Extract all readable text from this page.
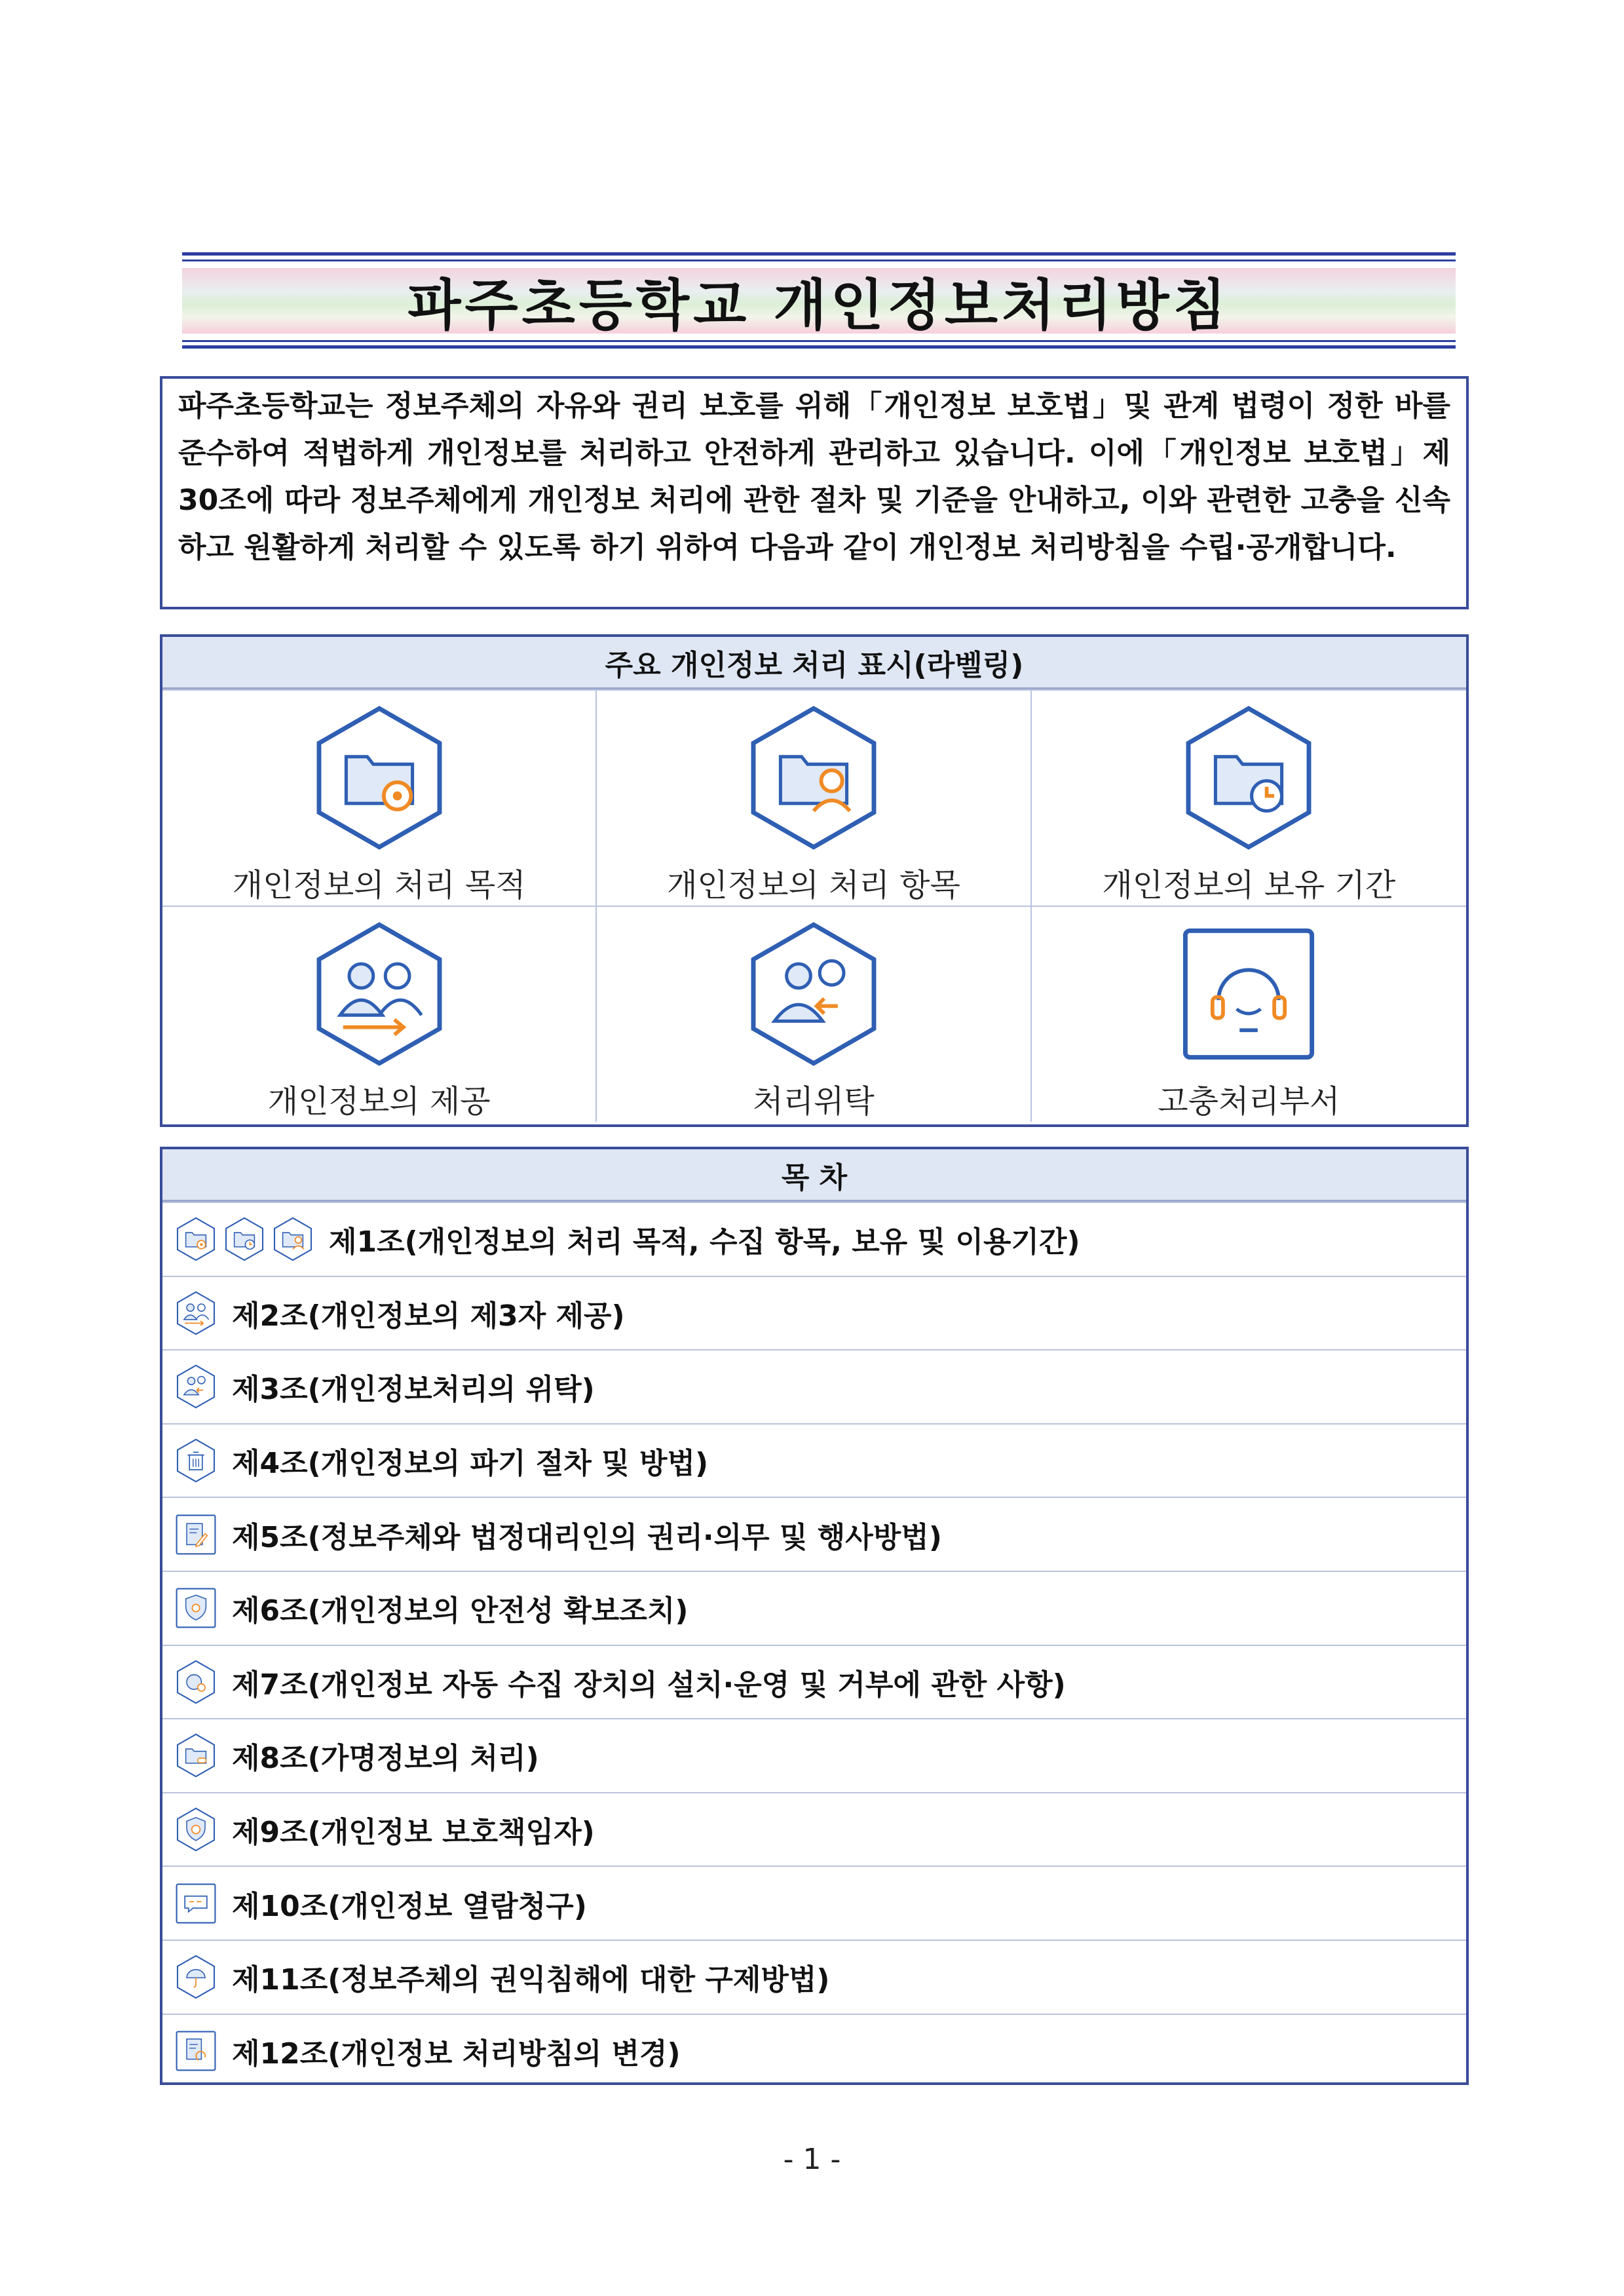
파주초등학교 개인정보처리방침
파주초등학교는 정보주체의 자유와 권리 보호를 위해「개인정보 보호법」및 관계 법령이 정한 바를 준수하여 적법하게 개인정보를 처리하고 안전하게 관리하고 있습니다. 이에「개인정보 보호법」제30조에 따라 정보주체에게 개인정보 처리에 관한 절차 및 기준을 안내하고, 이와 관련한 고충을 신속하고 원활하게 처리할 수 있도록 하기 위하여 다음과 같이 개인정보 처리방침을 수립·공개합니다.
주요 개인정보 처리 표시(라벨링)
개인정보의 처리 목적	개인정보의 처리 항목	개인정보의 보유 기간
개인정보의 제공	처리위탁	고충처리부서
목 차
제1조(개인정보의 처리 목적, 수집 항목, 보유 및 이용기간)
제2조(개인정보의 제3자 제공)
제3조(개인정보처리의 위탁)
제4조(개인정보의 파기 절차 및 방법)
제5조(정보주체와 법정대리인의 권리·의무 및 행사방법)
제6조(개인정보의 안전성 확보조치)
제7조(개인정보 자동 수집 장치의 설치·운영 및 거부에 관한 사항)
제8조(가명정보의 처리)
제9조(개인정보 보호책임자)
제10조(개인정보 열람청구)
제11조(정보주체의 권익침해에 대한 구제방법)
제12조(개인정보 처리방침의 변경)
- 1 -
